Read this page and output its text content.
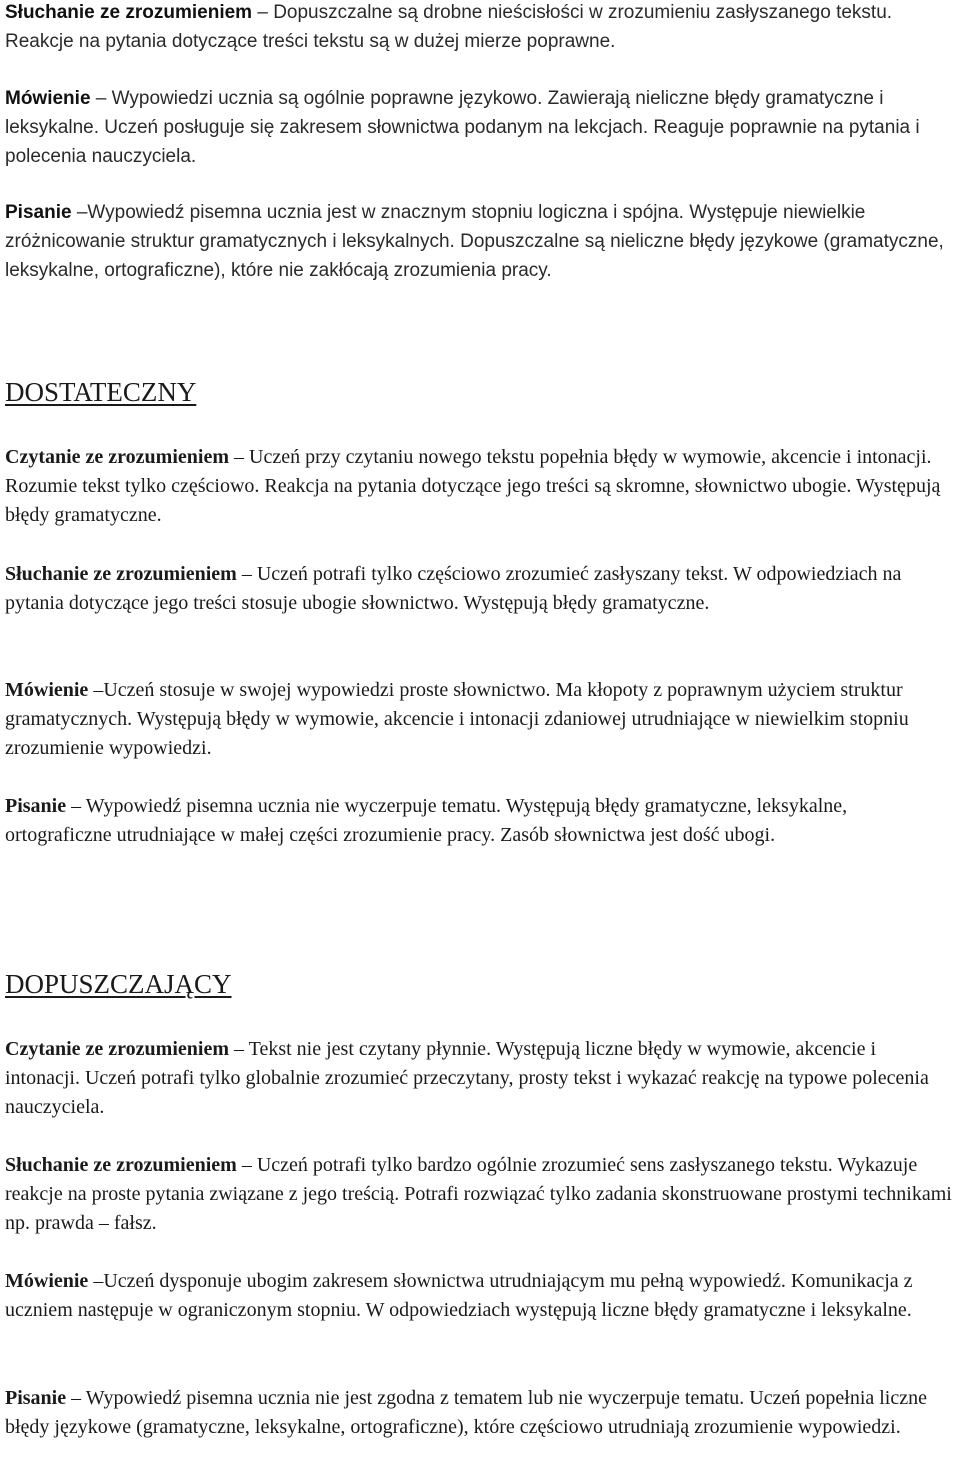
Słuchanie ze zrozumieniem – Dopuszczalne są drobne nieścisłości w zrozumieniu zasłyszanego tekstu. Reakcje na pytania dotyczące treści tekstu są w dużej mierze poprawne.

Mówienie – Wypowiedzi ucznia są ogólnie poprawne językowo. Zawierają nieliczne błędy gramatyczne i leksykalne. Uczeń posługuje się zakresem słownictwa podanym na lekcjach. Reaguje poprawnie na pytania i polecenia nauczyciela.

Pisanie –Wypowiedź pisemna ucznia jest w znacznym stopniu logiczna i spójna. Występuje niewielkie zróżnicowanie struktur gramatycznych i leksykalnych. Dopuszczalne są nieliczne błędy językowe (gramatyczne, leksykalne, ortograficzne), które nie zakłócają zrozumienia pracy.

DOSTATECZNY

Czytanie ze zrozumieniem – Uczeń przy czytaniu nowego tekstu popełnia błędy w wymowie, akcencie i intonacji. Rozumie tekst tylko częściowo. Reakcja na pytania dotyczące jego treści są skromne, słownictwo ubogie. Występują błędy gramatyczne.

Słuchanie ze zrozumieniem – Uczeń potrafi tylko częściowo zrozumieć zasłyszany tekst. W odpowiedziach na pytania dotyczące jego treści stosuje ubogie słownictwo. Występują błędy gramatyczne.

Mówienie –Uczeń stosuje w swojej wypowiedzi proste słownictwo. Ma kłopoty z poprawnym użyciem struktur gramatycznych. Występują błędy w wymowie, akcencie i intonacji zdaniowej utrudniające w niewielkim stopniu zrozumienie wypowiedzi.

Pisanie – Wypowiedź pisemna ucznia nie wyczerpuje tematu. Występują błędy gramatyczne, leksykalne, ortograficzne utrudniające w małej części zrozumienie pracy. Zasób słownictwa jest dość ubogi.

DOPUSZCZAJĄCY

Czytanie ze zrozumieniem – Tekst nie jest czytany płynnie. Występują liczne błędy w wymowie, akcencie i intonacji. Uczeń potrafi tylko globalnie zrozumieć przeczytany, prosty tekst i wykazać reakcję na typowe polecenia nauczyciela.

Słuchanie ze zrozumieniem – Uczeń potrafi tylko bardzo ogólnie zrozumieć sens zasłyszanego tekstu. Wykazuje reakcje na proste pytania związane z jego treścią. Potrafi rozwiązać tylko zadania skonstruowane prostymi technikami np. prawda – fałsz.

Mówienie –Uczeń dysponuje ubogim zakresem słownictwa utrudniającym mu pełną wypowiedź. Komunikacja z uczniem następuje w ograniczonym stopniu. W odpowiedziach występują liczne błędy gramatyczne i leksykalne.

Pisanie – Wypowiedź pisemna ucznia nie jest zgodna z tematem lub nie wyczerpuje tematu. Uczeń popełnia liczne błędy językowe (gramatyczne, leksykalne, ortograficzne), które częściowo utrudniają zrozumienie wypowiedzi.
